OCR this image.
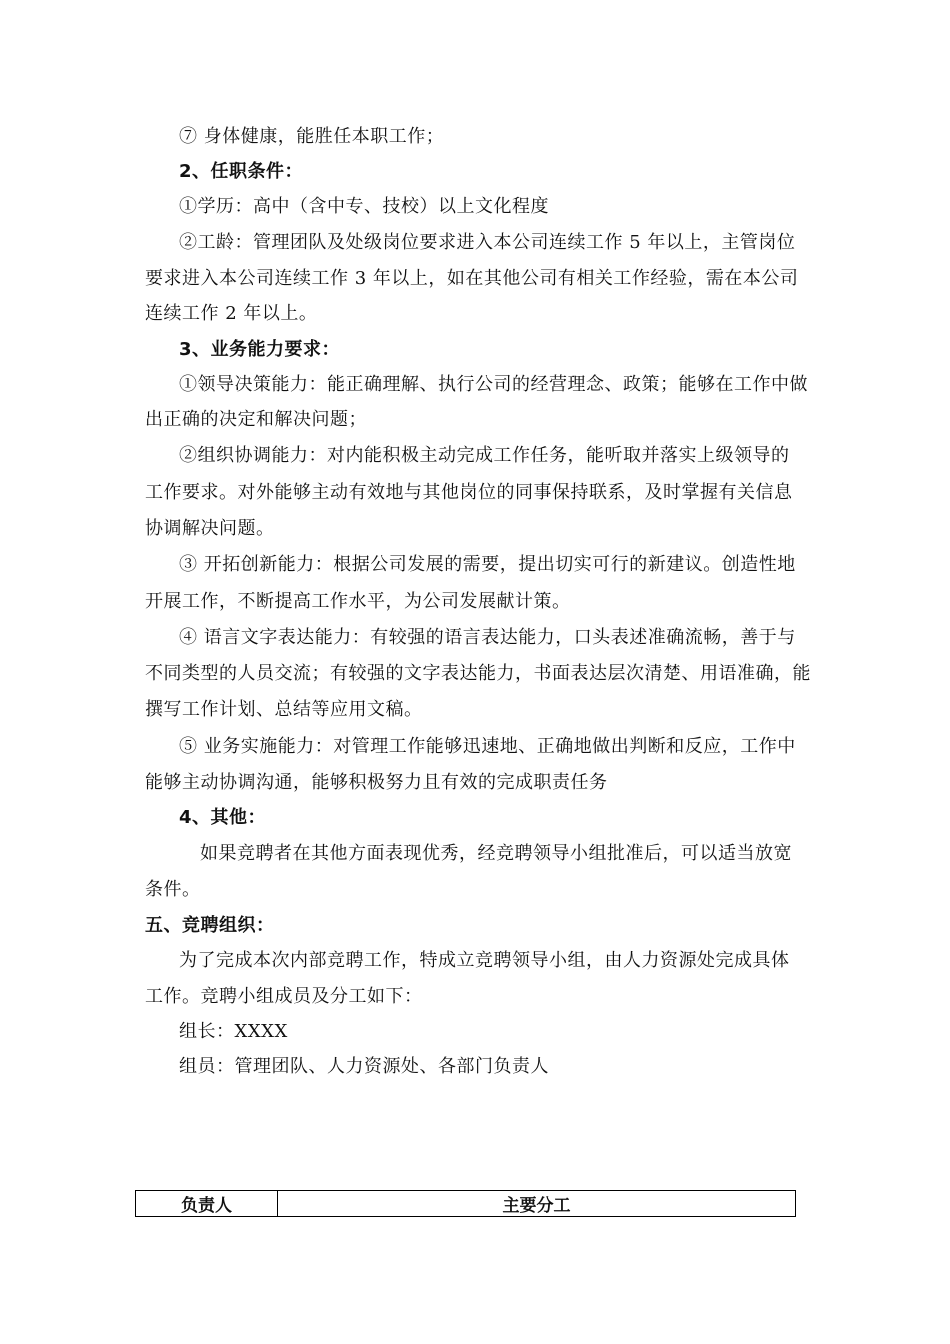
⑦ 身体健康，能胜任本职工作；
2、任职条件：
①学历：高中（含中专、技校）以上文化程度
②工龄：管理团队及处级岗位要求进入本公司连续工作 5 年以上，主管岗位
要求进入本公司连续工作 3 年以上，如在其他公司有相关工作经验，需在本公司
连续工作 2 年以上。
3、业务能力要求：
①领导决策能力：能正确理解、执行公司的经营理念、政策；能够在工作中做
出正确的决定和解决问题；
②组织协调能力：对内能积极主动完成工作任务，能听取并落实上级领导的
工作要求。对外能够主动有效地与其他岗位的同事保持联系，及时掌握有关信息
协调解决问题。
③ 开拓创新能力：根据公司发展的需要，提出切实可行的新建议。创造性地
开展工作，不断提高工作水平，为公司发展献计策。
④ 语言文字表达能力：有较强的语言表达能力，口头表述准确流畅，善于与
不同类型的人员交流；有较强的文字表达能力，书面表达层次清楚、用语准确，能
撰写工作计划、总结等应用文稿。
⑤ 业务实施能力：对管理工作能够迅速地、正确地做出判断和反应，工作中
能够主动协调沟通，能够积极努力且有效的完成职责任务
4、其他：
如果竞聘者在其他方面表现优秀，经竞聘领导小组批准后，可以适当放宽
条件。
五、竞聘组织：
为了完成本次内部竞聘工作，特成立竞聘领导小组，由人力资源处完成具体
工作。竞聘小组成员及分工如下：
组长：XXXX
组员：管理团队、人力资源处、各部门负责人
负责人	主要分工
